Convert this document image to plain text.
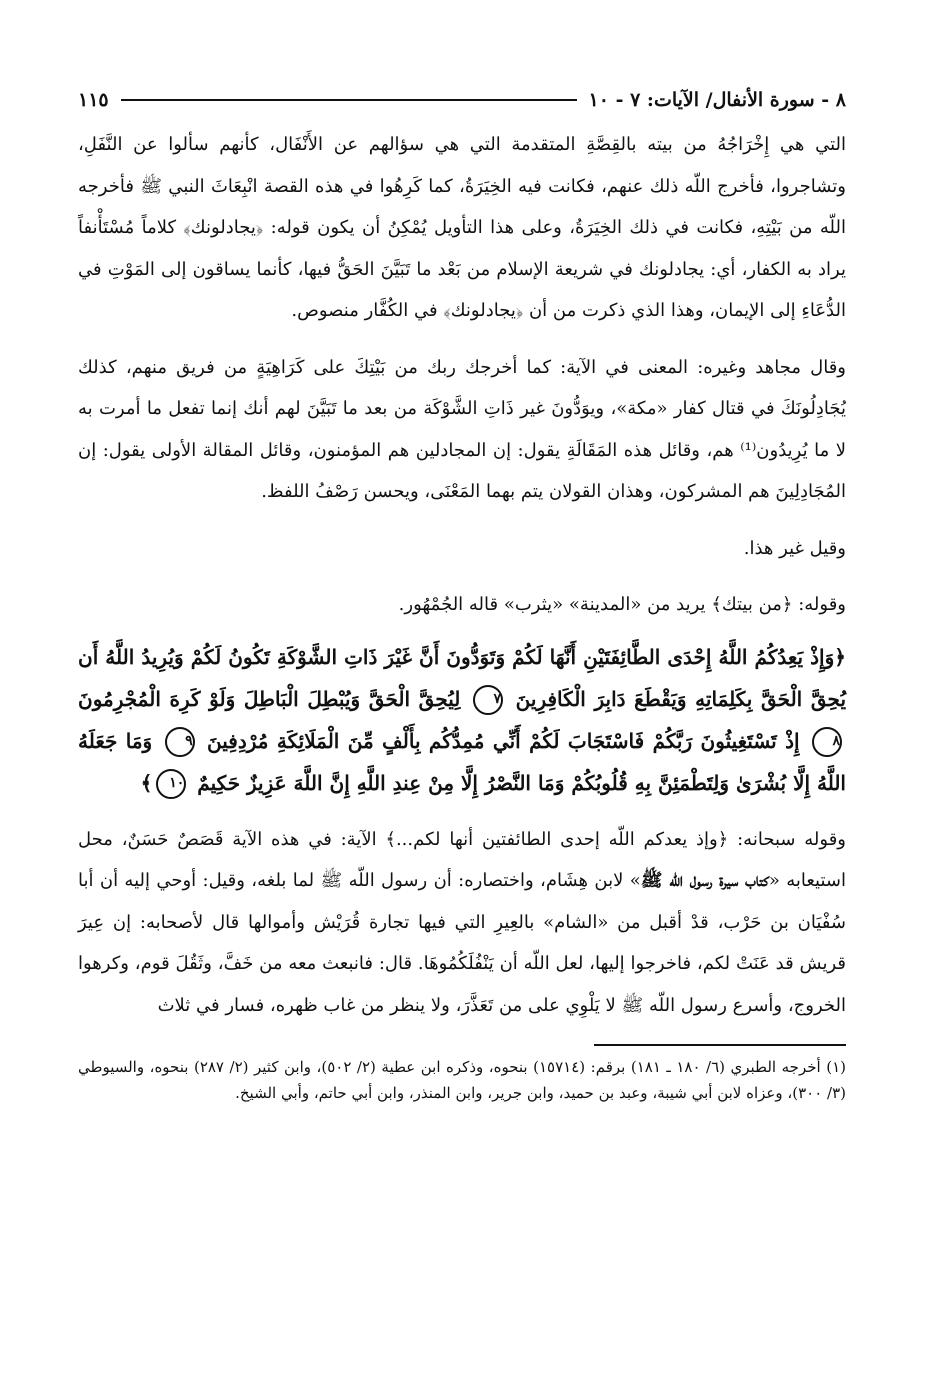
٨ - سورة الأنفال/ الآيات: ٧ - ١٠
١١٥

التي هي إِخْرَاجُهُ من بيته بالقِصَّةِ المتقدمة التي هي سؤالهم عن الأَنْفَال، كأنهم سألوا عن النَّفَلِ، وتشاجروا، فأخرج اللّه ذلك عنهم، فكانت فيه الخِيَرَةُ، كما كَرِهُوا في هذه القصة انْبِعَاثَ النبي ﷺ فأخرجه اللّه من بَيْتِهِ، فكانت في ذلك الخِيَرَةُ، وعلى هذا التأويل يُمْكِنُ أن يكون قوله: ﴿يجادلونك﴾ كلاماً مُسْتَأْنفاً يراد به الكفار، أي: يجادلونك في شريعة الإسلام من بَعْد ما تَبَيَّنَ الحَقُّ فيها، كأنما يساقون إلى المَوْتِ في الدُّعَاءِ إلى الإيمان، وهذا الذي ذكرت من أن ﴿يجادلونك﴾ في الكُفَّار منصوص.

وقال مجاهد وغيره: المعنى في الآية: كما أخرجك ربك من بَيْتِكَ على كَرَاهِيَةٍ من فريق منهم، كذلك يُجَادِلُونَكَ في قتال كفار «مكة»، ويوَدُّونَ غير ذَاتِ الشَّوْكَة من بعد ما تَبَيَّنَ لهم أنك إنما تفعل ما أمرت به لا ما يُرِيدُون⁽¹⁾ هم، وقائل هذه المَقَالَةِ يقول: إن المجادلين هم المؤمنون، وقائل المقالة الأولى يقول: إن المُجَادِلِينَ هم المشركون، وهذان القولان يتم بهما المَعْنَى، ويحسن رَصْفُ اللفظ.

وقيل غير هذا.

وقوله: ﴿من بيتك﴾ يريد من «المدينة» «يثرب» قاله الجُمْهُور.

﴿وَإِذْ يَعِدُكُمُ اللَّهُ إِحْدَى الطَّائِفَتَيْنِ أَنَّهَا لَكُمْ وَتَوَدُّونَ أَنَّ غَيْرَ ذَاتِ الشَّوْكَةِ تَكُونُ لَكُمْ وَيُرِيدُ اللَّهُ أَن يُحِقَّ الْحَقَّ بِكَلِمَاتِهِ وَيَقْطَعَ دَابِرَ الْكَافِرِينَ ٧ لِيُحِقَّ الْحَقَّ وَيُبْطِلَ الْبَاطِلَ وَلَوْ كَرِهَ الْمُجْرِمُونَ ٨ إِذْ تَسْتَغِيثُونَ رَبَّكُمْ فَاسْتَجَابَ لَكُمْ أَنِّي مُمِدُّكُم بِأَلْفٍ مِّنَ الْمَلَائِكَةِ مُرْدِفِينَ ٩ وَمَا جَعَلَهُ اللَّهُ إِلَّا بُشْرَىٰ وَلِتَطْمَئِنَّ بِهِ قُلُوبُكُمْ وَمَا النَّصْرُ إِلَّا مِنْ عِندِ اللَّهِ إِنَّ اللَّهَ عَزِيزٌ حَكِيمٌ ١٠﴾

وقوله سبحانه: ﴿وإذ يعدكم اللّه إحدى الطائفتين أنها لكم...﴾ الآية: في هذه الآية قَصَصٌ حَسَنٌ، محل استيعابه «كتاب سيرة رسول اللّه ﷺ» لابن هِشَام، واختصاره: أن رسول اللّه ﷺ لما بلغه، وقيل: أوحي إليه أن أبا سُفْيَان بن حَرْب، قدْ أقبل من «الشام» بالعِيرِ التي فيها تجارة قُرَيْش وأموالها قال لأصحابه: إن عِيرَ قريش قد عَنَتْ لكم، فاخرجوا إليها، لعل اللّه أن يَنْفُلَكُمُوهَا. قال: فانبعث معه من خَفَّ، وثَقُلَ قوم، وكرهوا الخروج، وأسرع رسول اللّه ﷺ لا يَلْوِي على من تَعَذَّرَ، ولا ينظر من غاب ظهره، فسار في ثلاث

(١) أخرجه الطبري (٦/ ١٨٠ ـ ١٨١) برقم: (١٥٧١٤) بنحوه، وذكره ابن عطية (٢/ ٥٠٢)، وابن كثير (٢/ ٢٨٧) بنحوه، والسيوطي (٣/ ٣٠٠)، وعزاه لابن أبي شيبة، وعبد بن حميد، وابن جرير، وابن المنذر، وابن أبي حاتم، وأبي الشيخ.
